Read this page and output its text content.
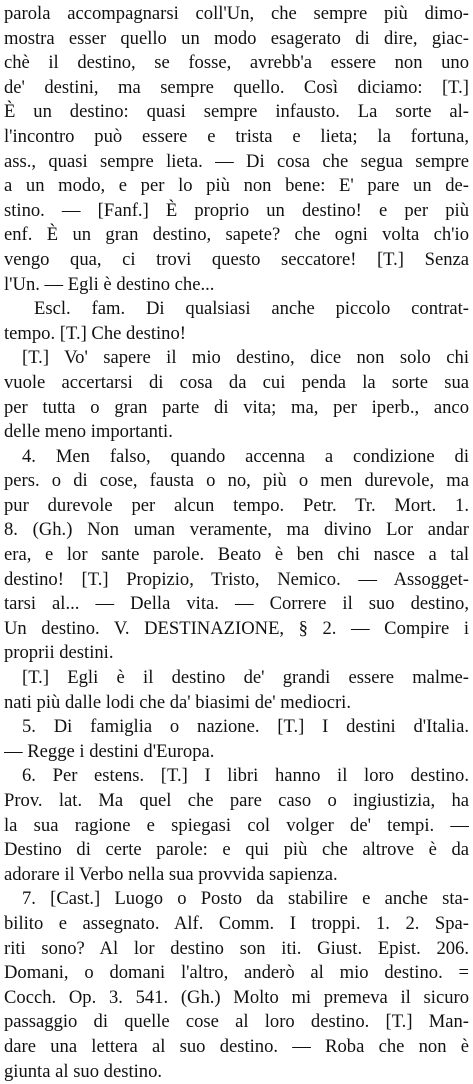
parola accompagnarsi coll'Un, che sempre più dimo-
mostra esser quello un modo esagerato di dire, giac-
chè il destino, se fosse, avrebb'a essere non uno
de' destini, ma sempre quello. Così diciamo: [T.]
È un destino: quasi sempre infausto. La sorte al-
l'incontro può essere e trista e lieta; la fortuna,
ass., quasi sempre lieta. — Di cosa che segua sempre
a un modo, e per lo più non bene: E' pare un de-
stino. — [Fanf.] È proprio un destino! e per più
enf. È un gran destino, sapete? che ogni volta ch'io
vengo qua, ci trovi questo seccatore! [T.] Senza
l'Un. — Egli è destino che...
Escl. fam. Di qualsiasi anche piccolo contrat-
tempo. [T.] Che destino!
[T.] Vo' sapere il mio destino, dice non solo chi
vuole accertarsi di cosa da cui penda la sorte sua
per tutta o gran parte di vita; ma, per iperb., anco
delle meno importanti.
4. Men falso, quando accenna a condizione di
pers. o di cose, fausta o no, più o men durevole, ma
pur durevole per alcun tempo. Petr. Tr. Mort. 1.
8. (Gh.) Non uman veramente, ma divino Lor andar
era, e lor sante parole. Beato è ben chi nasce a tal
destino! [T.] Propizio, Tristo, Nemico. — Assogget-
tarsi al... — Della vita. — Correre il suo destino,
Un destino. V. DESTINAZIONE, § 2. — Compire i
proprii destini.
[T.] Egli è il destino de' grandi essere malme-
nati più dalle lodi che da' biasimi de' mediocri.
5. Di famiglia o nazione. [T.] I destini d'Italia.
— Regge i destini d'Europa.
6. Per estens. [T.] I libri hanno il loro destino.
Prov. lat. Ma quel che pare caso o ingiustizia, ha
la sua ragione e spiegasi col volger de' tempi. —
Destino di certe parole: e qui più che altrove è da
adorare il Verbo nella sua provvida sapienza.
7. [Cast.] Luogo o Posto da stabilire e anche sta-
bilito e assegnato. Alf. Comm. I troppi. 1. 2. Spa-
riti sono? Al lor destino son iti. Giust. Epist. 206.
Domani, o domani l'altro, anderò al mio destino. =
Cocch. Op. 3. 541. (Gh.) Molto mi premeva il sicuro
passaggio di quelle cose al loro destino. [T.] Man-
dare una lettera al suo destino. — Roba che non è
giunta al suo destino.
